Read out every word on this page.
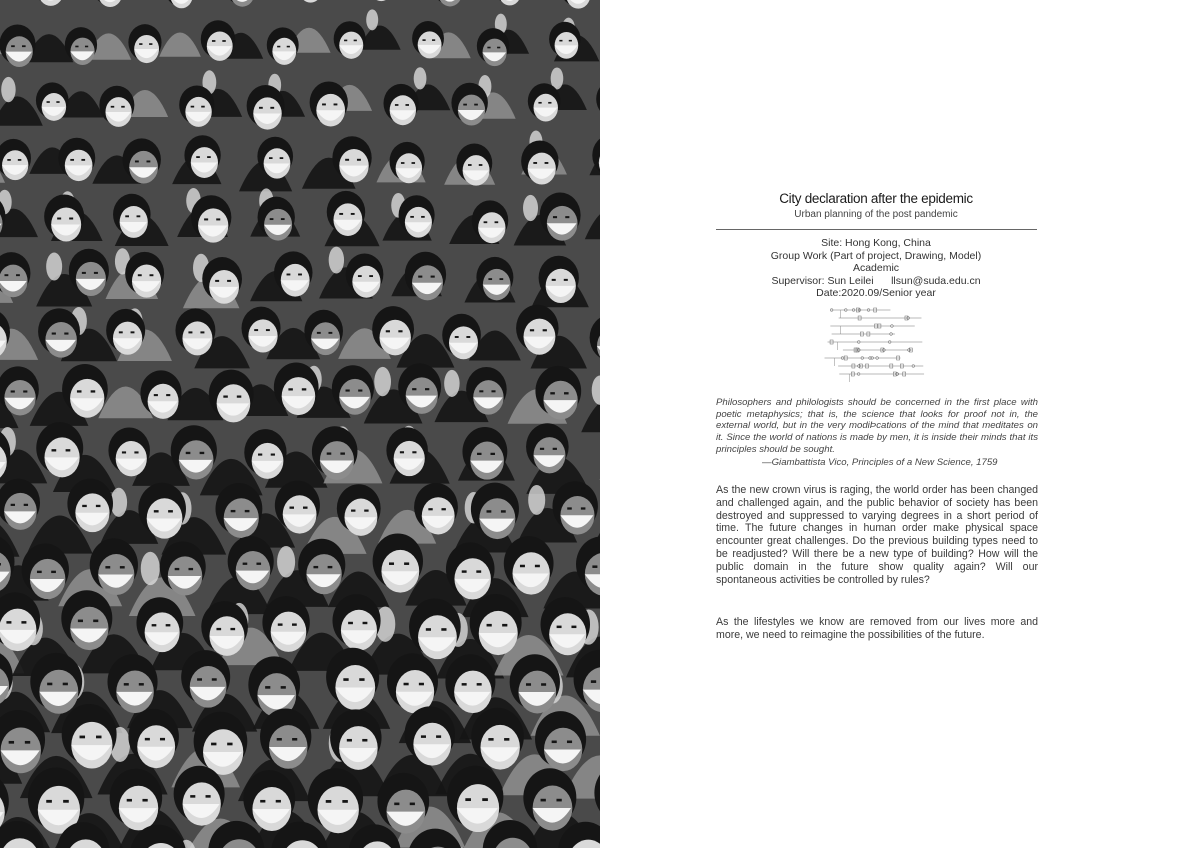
City declaration after the epidemic
Urban planning of the post pandemic
Site: Hong Kong, China
Group Work (Part of project, Drawing, Model)
Academic
Supervisor: Sun Leilei      llsun@suda.edu.cn
Date:2020.09/Senior year
Philosophers and philologists should be concerned in the first place with poetic metaphysics; that is, the science that looks for proof not in, the external world, but in the very modiÞcations of the mind that meditates on it. Since the world of nations is made by men, it is inside their minds that its principles should be sought.
—Giambattista Vico, Principles of a New Science, 1759
As the new crown virus is raging, the world order has been changed and challenged again, and the public behavior of society has been destroyed and suppressed to varying degrees in a short period of time. The future changes in human order make physical space encounter great challenges. Do the previous building types need to be readjusted? Will there be a new type of building? How will the public domain in the future show quality again? Will our spontaneous activities be controlled by rules?
As the lifestyles we know are removed from our lives more and more, we need to reimagine the possibilities of the future.
